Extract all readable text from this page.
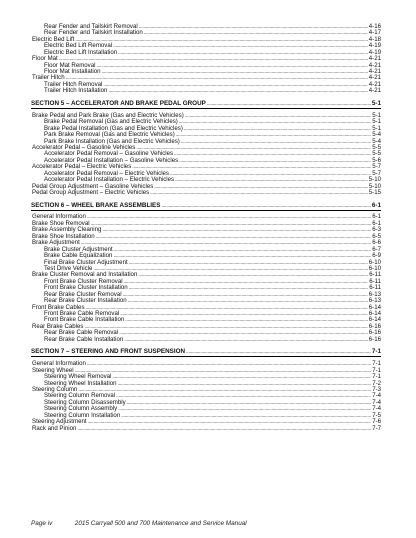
Rear Fender and Tailskirt Removal .....	4-16
Rear Fender and Tailskirt Installation .....	4-17
Electric Bed Lift .....	4-18
Electric Bed Lift Removal .....	4-19
Electric Bed Lift Installation .....	4-19
Floor Mat .....	4-21
Floor Mat Removal .....	4-21
Floor Mat Installation .....	4-21
Trailer Hitch .....	4-21
Trailer Hitch Removal .....	4-21
Trailer Hitch Installation .....	4-21
SECTION 5 – ACCELERATOR AND BRAKE PEDAL GROUP .....	5-1
Brake Pedal and Park Brake (Gas and Electric Vehicles) .....	5-1
Brake Pedal Removal (Gas and Electric Vehicles) .....	5-1
Brake Pedal Installation (Gas and Electric Vehicles) .....	5-1
Park Brake Removal (Gas and Electric Vehicles) .....	5-4
Park Brake Installation (Gas and Electric Vehicles) .....	5-4
Accelerator Pedal – Gasoline Vehicles .....	5-5
Accelerator Pedal Removal – Gasoline Vehicles .....	5-5
Accelerator Pedal Installation – Gasoline Vehicles .....	5-6
Accelerator Pedal – Electric Vehicles .....	5-7
Accelerator Pedal Removal – Electric Vehicles .....	5-7
Accelerator Pedal Installation – Electric Vehicles .....	5-10
Pedal Group Adjustment – Gasoline Vehicles .....	5-10
Pedal Group Adjustment – Electric Vehicles .....	5-15
SECTION 6 – WHEEL BRAKE ASSEMBLIES .....	6-1
General Information .....	6-1
Brake Shoe Removal .....	6-1
Brake Assembly Cleaning .....	6-3
Brake Shoe Installation .....	6-5
Brake Adjustment .....	6-6
Brake Cluster Adjustment .....	6-7
Brake Cable Equalization .....	6-9
Final Brake Cluster Adjustment .....	6-10
Test Drive Vehicle .....	6-10
Brake Cluster Removal and Installation .....	6-11
Front Brake Cluster Removal .....	6-11
Front Brake Cluster Installation .....	6-11
Rear Brake Cluster Removal .....	6-13
Rear Brake Cluster Installation .....	6-13
Front Brake Cables .....	6-14
Front Brake Cable Removal .....	6-14
Front Brake Cable Installation .....	6-14
Rear Brake Cables .....	6-16
Rear Brake Cable Removal .....	6-16
Rear Brake Cable Installation .....	6-16
SECTION 7 – STEERING AND FRONT SUSPENSION .....	7-1
General Information .....	7-1
Steering Wheel .....	7-1
Steering Wheel Removal .....	7-1
Steering Wheel Installation .....	7-2
Steering Column .....	7-3
Steering Column Removal .....	7-4
Steering Column Disassembly .....	7-4
Steering Column Assembly .....	7-4
Steering Column Installation .....	7-5
Steering Adjustment .....	7-6
Rack and Pinion .....	7-7
Page iv	2015 Carryall 500 and 700 Maintenance and Service Manual
